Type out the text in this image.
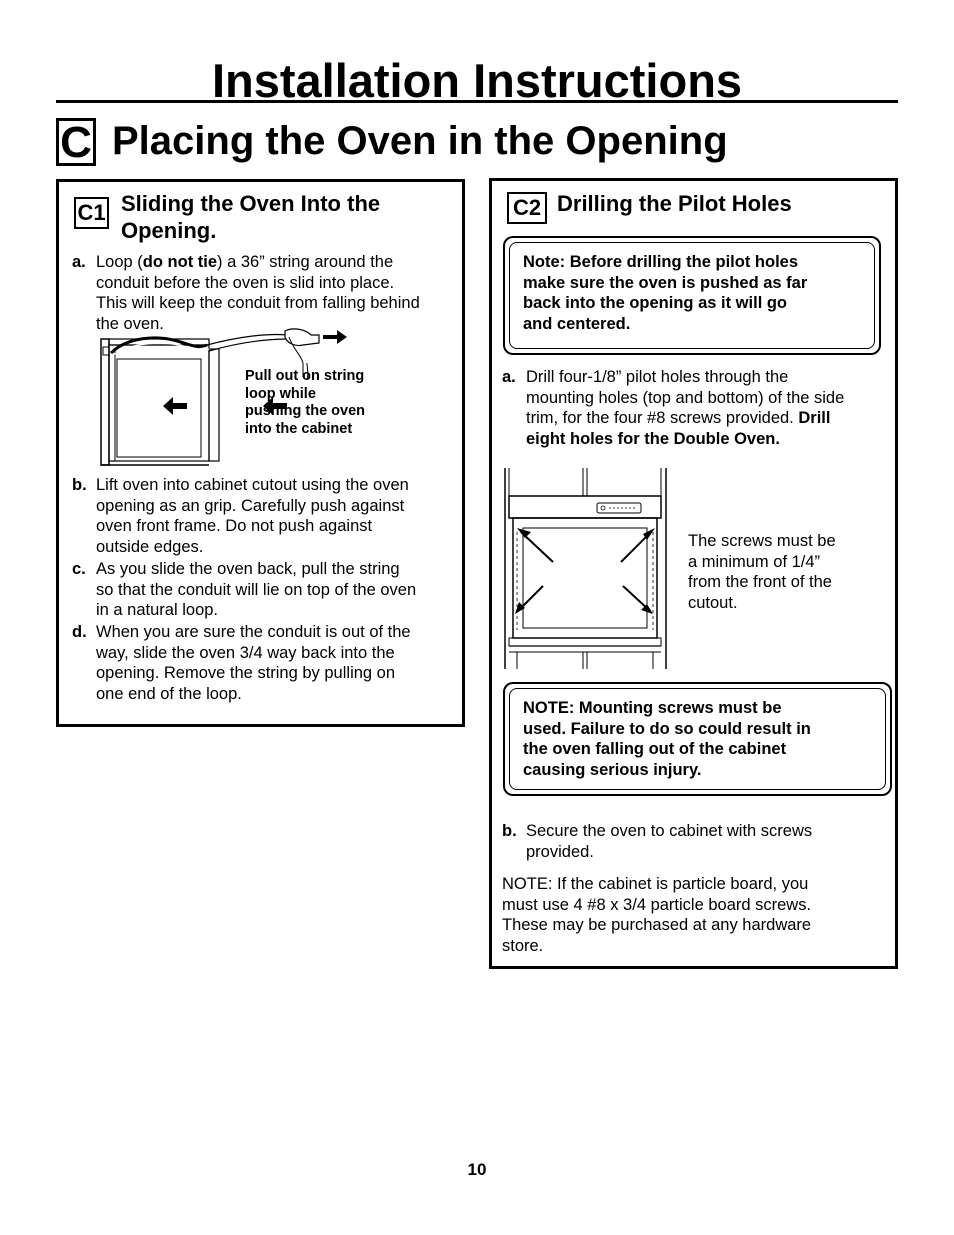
Installation Instructions
C Placing the Oven in the Opening
C1 Sliding the Oven Into the
Opening.
a. Loop (do not tie) a 36” string around the
conduit before the oven is slid into place.
This will keep the conduit from falling behind
the oven.
Pull out on string
loop while
pushing the oven
into the cabinet
b. Lift oven into cabinet cutout using the oven
opening as an grip. Carefully push against
oven front frame. Do not push against
outside edges.
c. As you slide the oven back, pull the string
so that the conduit will lie on top of the oven
in a natural loop.
d. When you are sure the conduit is out of the
way, slide the oven 3/4 way back into the
opening. Remove the string by pulling on
one end of the loop.
C2 Drilling the Pilot Holes
Note: Before drilling the pilot holes
make sure the oven is pushed as far
back into the opening as it will go
and centered.
a. Drill four-1/8” pilot holes through the
mounting holes (top and bottom) of the side
trim, for the four #8 screws provided. Drill
eight holes for the Double Oven.
The screws must be
a minimum of 1/4”
from the front of the
cutout.
NOTE: Mounting screws must be
used. Failure to do so could result in
the oven falling out of the cabinet
causing serious injury.
b. Secure the oven to cabinet with screws
provided.
NOTE: If the cabinet is particle board, you
must use 4 #8 x 3/4 particle board screws.
These may be purchased at any hardware
store.
10
